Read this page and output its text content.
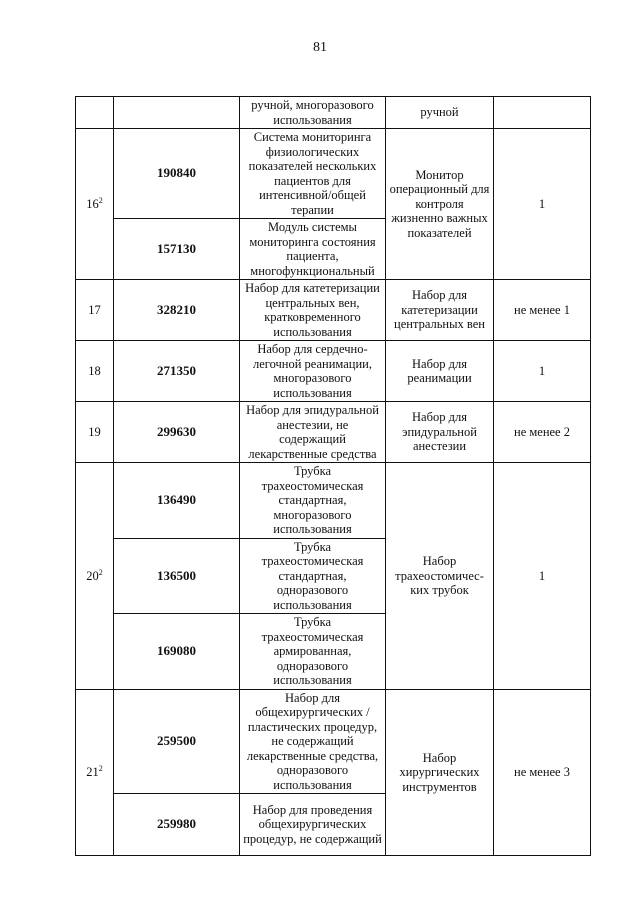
81
		ручной, многоразового использования	ручной	
$16^2$	190840	Система мониторинга физиологических показателей нескольких пациентов для интенсивной/общей терапии	Монитор операционный для контроля жизненно важных показателей	1
	157130	Модуль системы мониторинга состояния пациента, многофункциональный		
17	328210	Набор для катетеризации центральных вен, кратковременного использования	Набор для катетеризации центральных вен	не менее 1
18	271350	Набор для сердечно-легочной реанимации, многоразового использования	Набор для реанимации	1
19	299630	Набор для эпидуральной анестезии, не содержащий лекарственные средства	Набор для эпидуральной анестезии	не менее 2
$20^2$	136490	Трубка трахеостомическая стандартная, многоразового использования	Набор трахеостомичес-ких трубок	1
	136500	Трубка трахеостомическая стандартная, одноразового использования		
	169080	Трубка трахеостомическая армированная, одноразового использования		
$21^2$	259500	Набор для общехирургических /пластических процедур, не содержащий лекарственные средства, одноразового использования	Набор хирургических инструментов	не менее 3
	259980	Набор для проведения общехирургических процедур, не содержащий		
